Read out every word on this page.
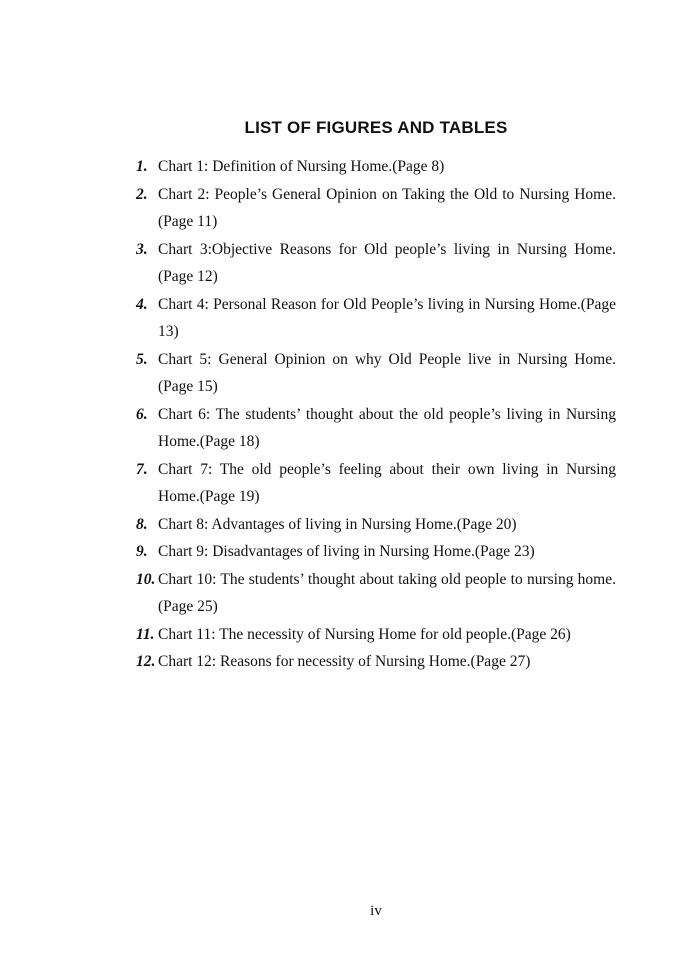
LIST OF FIGURES AND TABLES
1. Chart 1: Definition of Nursing Home.(Page 8)
2. Chart 2: People’s General Opinion on Taking the Old to Nursing Home.(Page 11)
3. Chart 3:Objective Reasons for Old people’s living in Nursing Home.(Page 12)
4. Chart 4: Personal Reason for Old People’s living in Nursing Home.(Page 13)
5. Chart 5: General Opinion on why Old People live in Nursing Home.(Page 15)
6. Chart 6: The students’ thought about the old people’s living in Nursing Home.(Page 18)
7. Chart 7: The old people’s feeling about their own living in Nursing Home.(Page 19)
8. Chart 8: Advantages of living in Nursing Home.(Page 20)
9. Chart 9: Disadvantages of living in Nursing Home.(Page 23)
10. Chart 10: The students’ thought about taking old people to nursing home.(Page 25)
11. Chart 11: The necessity of Nursing Home for old people.(Page 26)
12. Chart 12: Reasons for necessity of Nursing Home.(Page 27)
iv
